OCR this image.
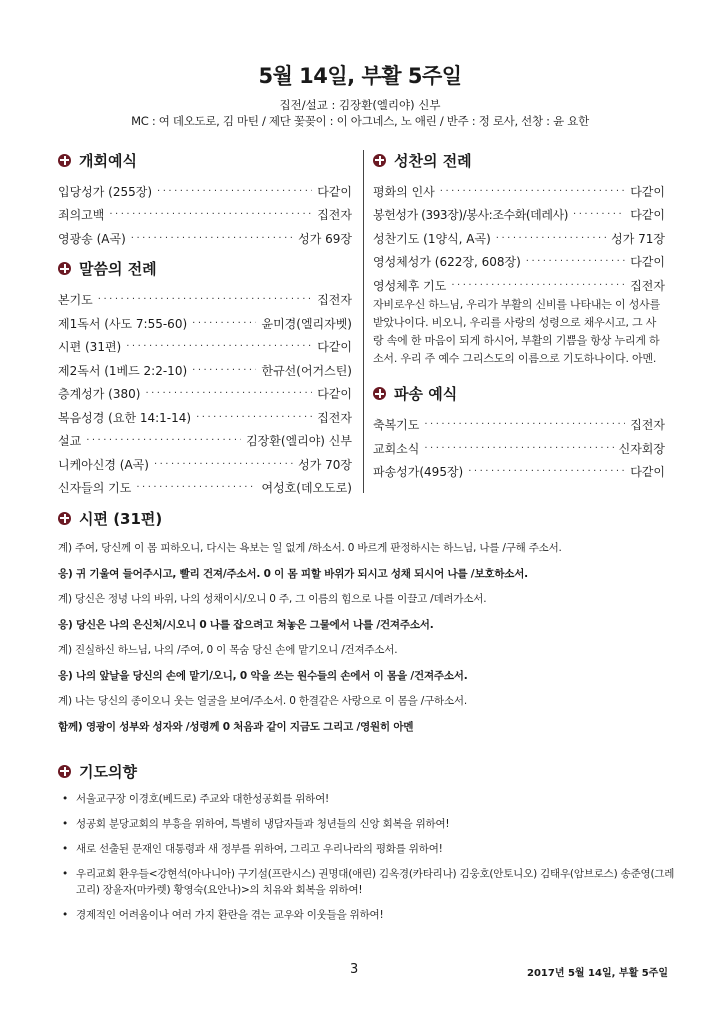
5월 14일, 부활 5주일
집전/설교 : 김장환(엘리야) 신부
MC : 여 데오도로, 김 마틴 / 제단 꽃꽂이 : 이 아그네스, 노 애린 / 반주 : 정 로사, 선창 : 윤 요한
개회예식
입당성가 (255장) ·····	다같이
죄의고백 ·····	집전자
영광송 (A곡) ·····	성가 69장
말씀의 전례
본기도 ·····	집전자
제1독서 (사도 7:55-60) ·····	윤미경(엘리자벳)
시편 (31편) ·····	다같이
제2독서 (1베드 2:2-10) ·····	한규선(어거스틴)
층계성가 (380) ·····	다같이
복음성경 (요한 14:1-14) ·····	집전자
설교 ·····	김장환(엘리야) 신부
니케아신경 (A곡) ·····	성가 70장
신자들의 기도 ·····	여성호(데오도로)
성찬의 전례
평화의 인사 ·····	다같이
봉헌성가 (393장)/봉사:조수화(데레사) ·····	다같이
성찬기도 (1양식, A곡) ·····	성가 71장
영성체성가 (622장, 608장) ·····	다같이
영성체후 기도 ·····	집전자
자비로우신 하느님, 우리가 부활의 신비를 나타내는 이 성사를 받았나이다. 비오니, 우리를 사랑의 성령으로 채우시고, 그 사랑 속에 한 마음이 되게 하시어, 부활의 기쁨을 항상 누리게 하소서. 우리 주 예수 그리스도의 이름으로 기도하나이다. 아멘.
파송 예식
축복기도 ·····	집전자
교회소식 ·····	신자회장
파송성가(495장) ·····	다같이
시편 (31편)
계) 주여, 당신께 이 몸 피하오니, 다시는 욕보는 일 없게 /하소서. 0 바르게 판정하시는 하느님, 나를 /구해 주소서.
응) 귀 기울여 들어주시고, 빨리 건져/주소서. 0 이 몸 피할 바위가 되시고 성채 되시어 나를 /보호하소서.
계) 당신은 정녕 나의 바위, 나의 성채이시/오니 0 주, 그 이름의 힘으로 나를 이끌고 /데려가소서.
응) 당신은 나의 은신처/시오니 0 나를 잡으려고 쳐놓은 그물에서 나를 /건져주소서.
계) 진실하신 하느님, 나의 /주여, 0 이 목숨 당신 손에 맡기오니 /건져주소서.
응) 나의 앞날을 당신의 손에 맡기/오니, 0 악을 쓰는 원수들의 손에서 이 몸을 /건져주소서.
계) 나는 당신의 종이오니 웃는 얼굴을 보여/주소서. 0 한결같은 사랑으로 이 몸을 /구하소서.
함께) 영광이 성부와 성자와 /성령께 0 처음과 같이 지금도 그리고 /영원히 아멘
기도의향
• 서울교구장 이경호(베드로) 주교와 대한성공회를 위하여!
• 성공회 분당교회의 부흥을 위하여, 특별히 냉담자들과 청년들의 신앙 회복을 위하여!
• 새로 선출된 문재인 대통령과 새 정부를 위하여, 그리고 우리나라의 평화를 위하여!
• 우리교회 환우들<강현석(아나니아) 구기설(프란시스) 권명대(애린) 김옥경(카타리나) 김웅호(안토니오) 김태우(암브로스) 송준영(그레고리) 장윤자(마카렛) 황영숙(요안나)>의 치유와 회복을 위하여!
• 경제적인 어려움이나 여러 가지 환란을 겪는 교우와 이웃들을 위하여!
3	2017년 5월 14일, 부활 5주일
